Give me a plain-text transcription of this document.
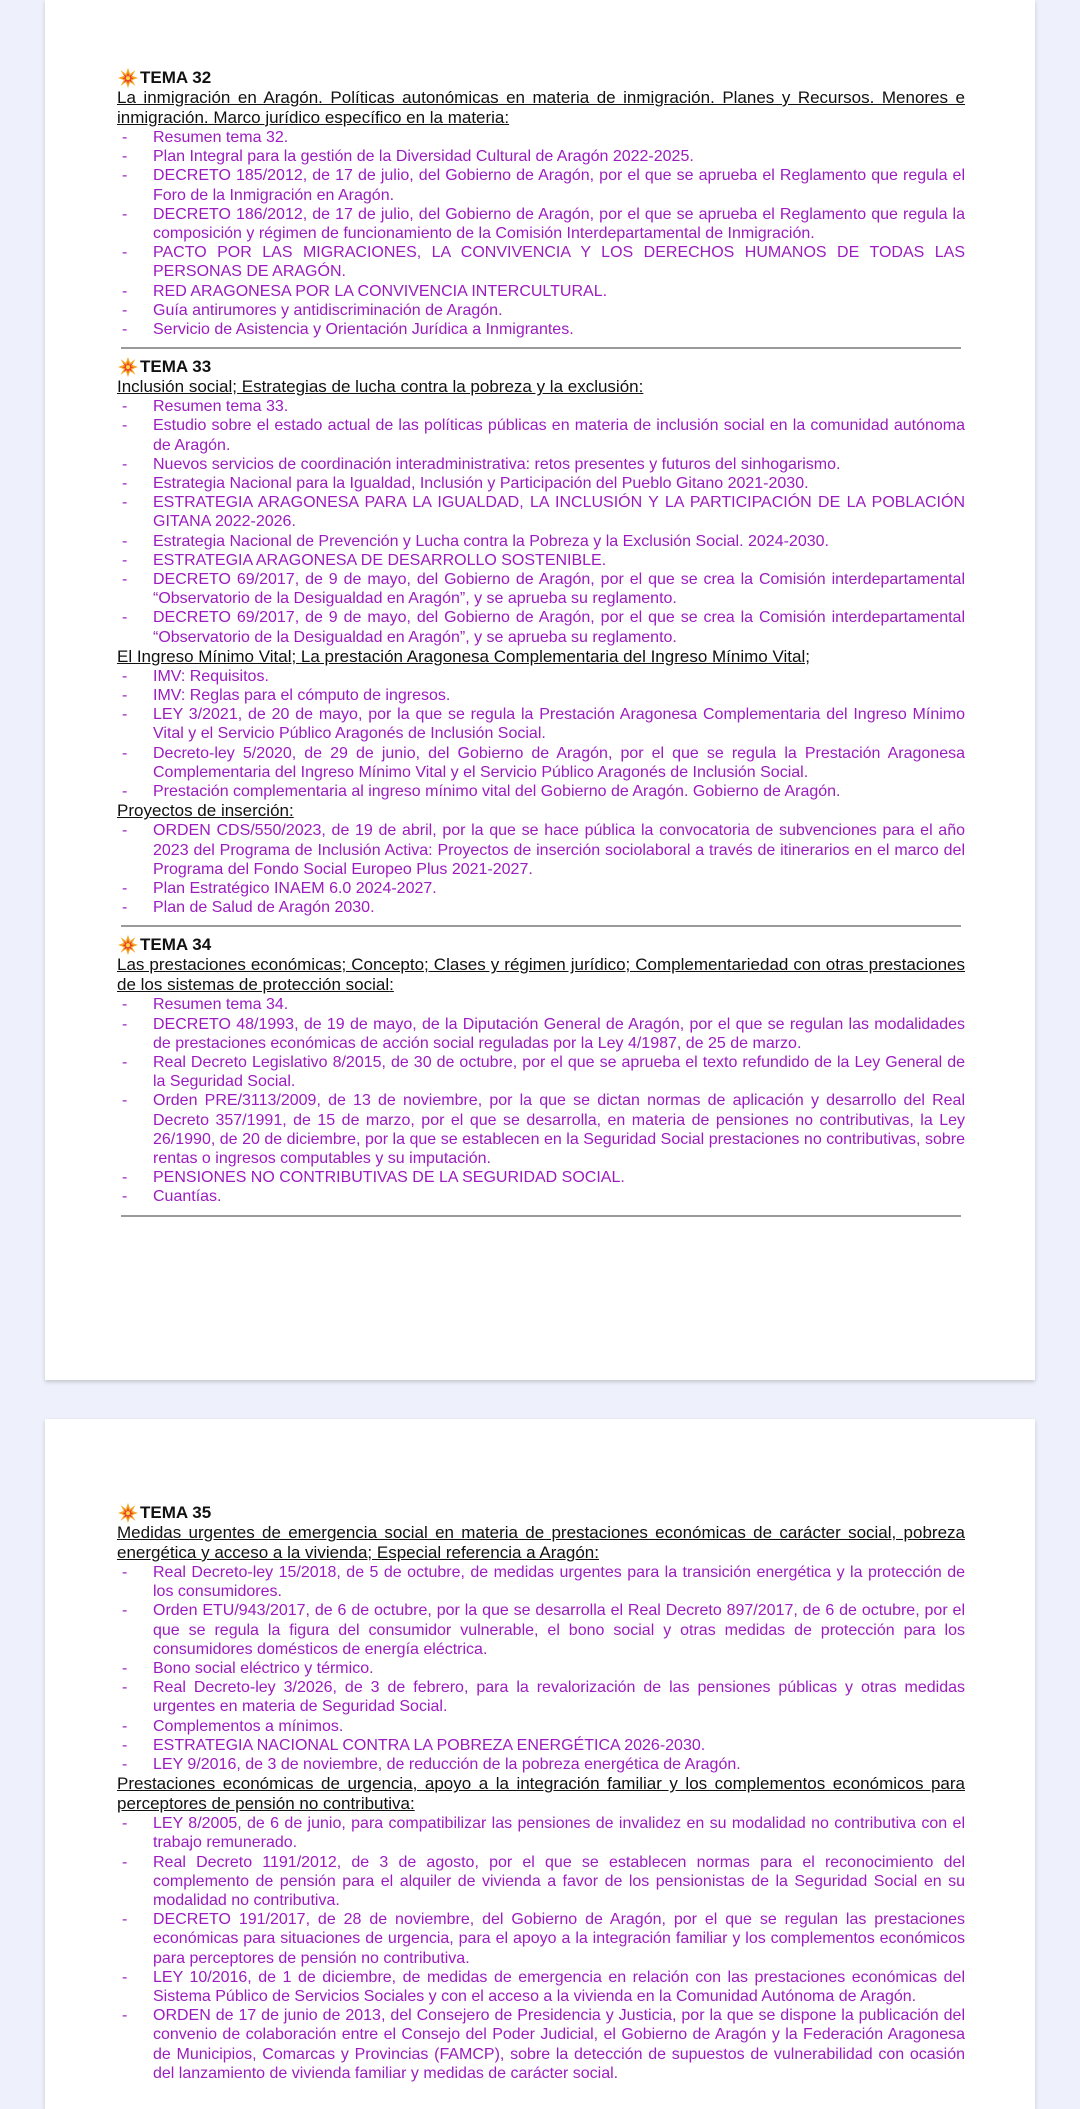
TEMA 32

La inmigración en Aragón. Políticas autonómicas en materia de inmigración. Planes y Recursos. Menores e inmigración. Marco jurídico específico en la materia:

- Resumen tema 32.
- Plan Integral para la gestión de la Diversidad Cultural de Aragón 2022-2025.
- DECRETO 185/2012, de 17 de julio, del Gobierno de Aragón, por el que se aprueba el Reglamento que regula el Foro de la Inmigración en Aragón.
- DECRETO 186/2012, de 17 de julio, del Gobierno de Aragón, por el que se aprueba el Reglamento que regula la composición y régimen de funcionamiento de la Comisión Interdepartamental de Inmigración.
- PACTO POR LAS MIGRACIONES, LA CONVIVENCIA Y LOS DERECHOS HUMANOS DE TODAS LAS PERSONAS DE ARAGÓN.
- RED ARAGONESA POR LA CONVIVENCIA INTERCULTURAL.
- Guía antirumores y antidiscriminación de Aragón.
- Servicio de Asistencia y Orientación Jurídica a Inmigrantes.
TEMA 33

Inclusión social; Estrategias de lucha contra la pobreza y la exclusión:

- Resumen tema 33.
- Estudio sobre el estado actual de las políticas públicas en materia de inclusión social en la comunidad autónoma de Aragón.
- Nuevos servicios de coordinación interadministrativa: retos presentes y futuros del sinhogarismo.
- Estrategia Nacional para la Igualdad, Inclusión y Participación del Pueblo Gitano 2021-2030.
- ESTRATEGIA ARAGONESA PARA LA IGUALDAD, LA INCLUSIÓN Y LA PARTICIPACIÓN DE LA POBLACIÓN GITANA 2022-2026.
- Estrategia Nacional de Prevención y Lucha contra la Pobreza y la Exclusión Social. 2024-2030.
- ESTRATEGIA ARAGONESA DE DESARROLLO SOSTENIBLE.
- DECRETO 69/2017, de 9 de mayo, del Gobierno de Aragón, por el que se crea la Comisión interdepartamental “Observatorio de la Desigualdad en Aragón”, y se aprueba su reglamento.
- DECRETO 69/2017, de 9 de mayo, del Gobierno de Aragón, por el que se crea la Comisión interdepartamental “Observatorio de la Desigualdad en Aragón”, y se aprueba su reglamento.

El Ingreso Mínimo Vital; La prestación Aragonesa Complementaria del Ingreso Mínimo Vital;

- IMV: Requisitos.
- IMV: Reglas para el cómputo de ingresos.
- LEY 3/2021, de 20 de mayo, por la que se regula la Prestación Aragonesa Complementaria del Ingreso Mínimo Vital y el Servicio Público Aragonés de Inclusión Social.
- Decreto-ley 5/2020, de 29 de junio, del Gobierno de Aragón, por el que se regula la Prestación Aragonesa Complementaria del Ingreso Mínimo Vital y el Servicio Público Aragonés de Inclusión Social.
- Prestación complementaria al ingreso mínimo vital del Gobierno de Aragón. Gobierno de Aragón.

Proyectos de inserción:

- ORDEN CDS/550/2023, de 19 de abril, por la que se hace pública la convocatoria de subvenciones para el año 2023 del Programa de Inclusión Activa: Proyectos de inserción sociolaboral a través de itinerarios en el marco del Programa del Fondo Social Europeo Plus 2021-2027.
- Plan Estratégico INAEM 6.0 2024-2027.
- Plan de Salud de Aragón 2030.
TEMA 34

Las prestaciones económicas; Concepto; Clases y régimen jurídico; Complementariedad con otras prestaciones de los sistemas de protección social:

- Resumen tema 34.
- DECRETO 48/1993, de 19 de mayo, de la Diputación General de Aragón, por el que se regulan las modalidades de prestaciones económicas de acción social reguladas por la Ley 4/1987, de 25 de marzo.
- Real Decreto Legislativo 8/2015, de 30 de octubre, por el que se aprueba el texto refundido de la Ley General de la Seguridad Social.
- Orden PRE/3113/2009, de 13 de noviembre, por la que se dictan normas de aplicación y desarrollo del Real Decreto 357/1991, de 15 de marzo, por el que se desarrolla, en materia de pensiones no contributivas, la Ley 26/1990, de 20 de diciembre, por la que se establecen en la Seguridad Social prestaciones no contributivas, sobre rentas o ingresos computables y su imputación.
- PENSIONES NO CONTRIBUTIVAS DE LA SEGURIDAD SOCIAL.
- Cuantías.
TEMA 35

Medidas urgentes de emergencia social en materia de prestaciones económicas de carácter social, pobreza energética y acceso a la vivienda; Especial referencia a Aragón:

- Real Decreto-ley 15/2018, de 5 de octubre, de medidas urgentes para la transición energética y la protección de los consumidores.
- Orden ETU/943/2017, de 6 de octubre, por la que se desarrolla el Real Decreto 897/2017, de 6 de octubre, por el que se regula la figura del consumidor vulnerable, el bono social y otras medidas de protección para los consumidores domésticos de energía eléctrica.
- Bono social eléctrico y térmico.
- Real Decreto-ley 3/2026, de 3 de febrero, para la revalorización de las pensiones públicas y otras medidas urgentes en materia de Seguridad Social.
- Complementos a mínimos.
- ESTRATEGIA NACIONAL CONTRA LA POBREZA ENERGÉTICA 2026-2030.
- LEY 9/2016, de 3 de noviembre, de reducción de la pobreza energética de Aragón.

Prestaciones económicas de urgencia, apoyo a la integración familiar y los complementos económicos para perceptores de pensión no contributiva:

- LEY 8/2005, de 6 de junio, para compatibilizar las pensiones de invalidez en su modalidad no contributiva con el trabajo remunerado.
- Real Decreto 1191/2012, de 3 de agosto, por el que se establecen normas para el reconocimiento del complemento de pensión para el alquiler de vivienda a favor de los pensionistas de la Seguridad Social en su modalidad no contributiva.
- DECRETO 191/2017, de 28 de noviembre, del Gobierno de Aragón, por el que se regulan las prestaciones económicas para situaciones de urgencia, para el apoyo a la integración familiar y los complementos económicos para perceptores de pensión no contributiva.
- LEY 10/2016, de 1 de diciembre, de medidas de emergencia en relación con las prestaciones económicas del Sistema Público de Servicios Sociales y con el acceso a la vivienda en la Comunidad Autónoma de Aragón.
- ORDEN de 17 de junio de 2013, del Consejero de Presidencia y Justicia, por la que se dispone la publicación del convenio de colaboración entre el Consejo del Poder Judicial, el Gobierno de Aragón y la Federación Aragonesa de Municipios, Comarcas y Provincias (FAMCP), sobre la detección de supuestos de vulnerabilidad con ocasión del lanzamiento de vivienda familiar y medidas de carácter social.
